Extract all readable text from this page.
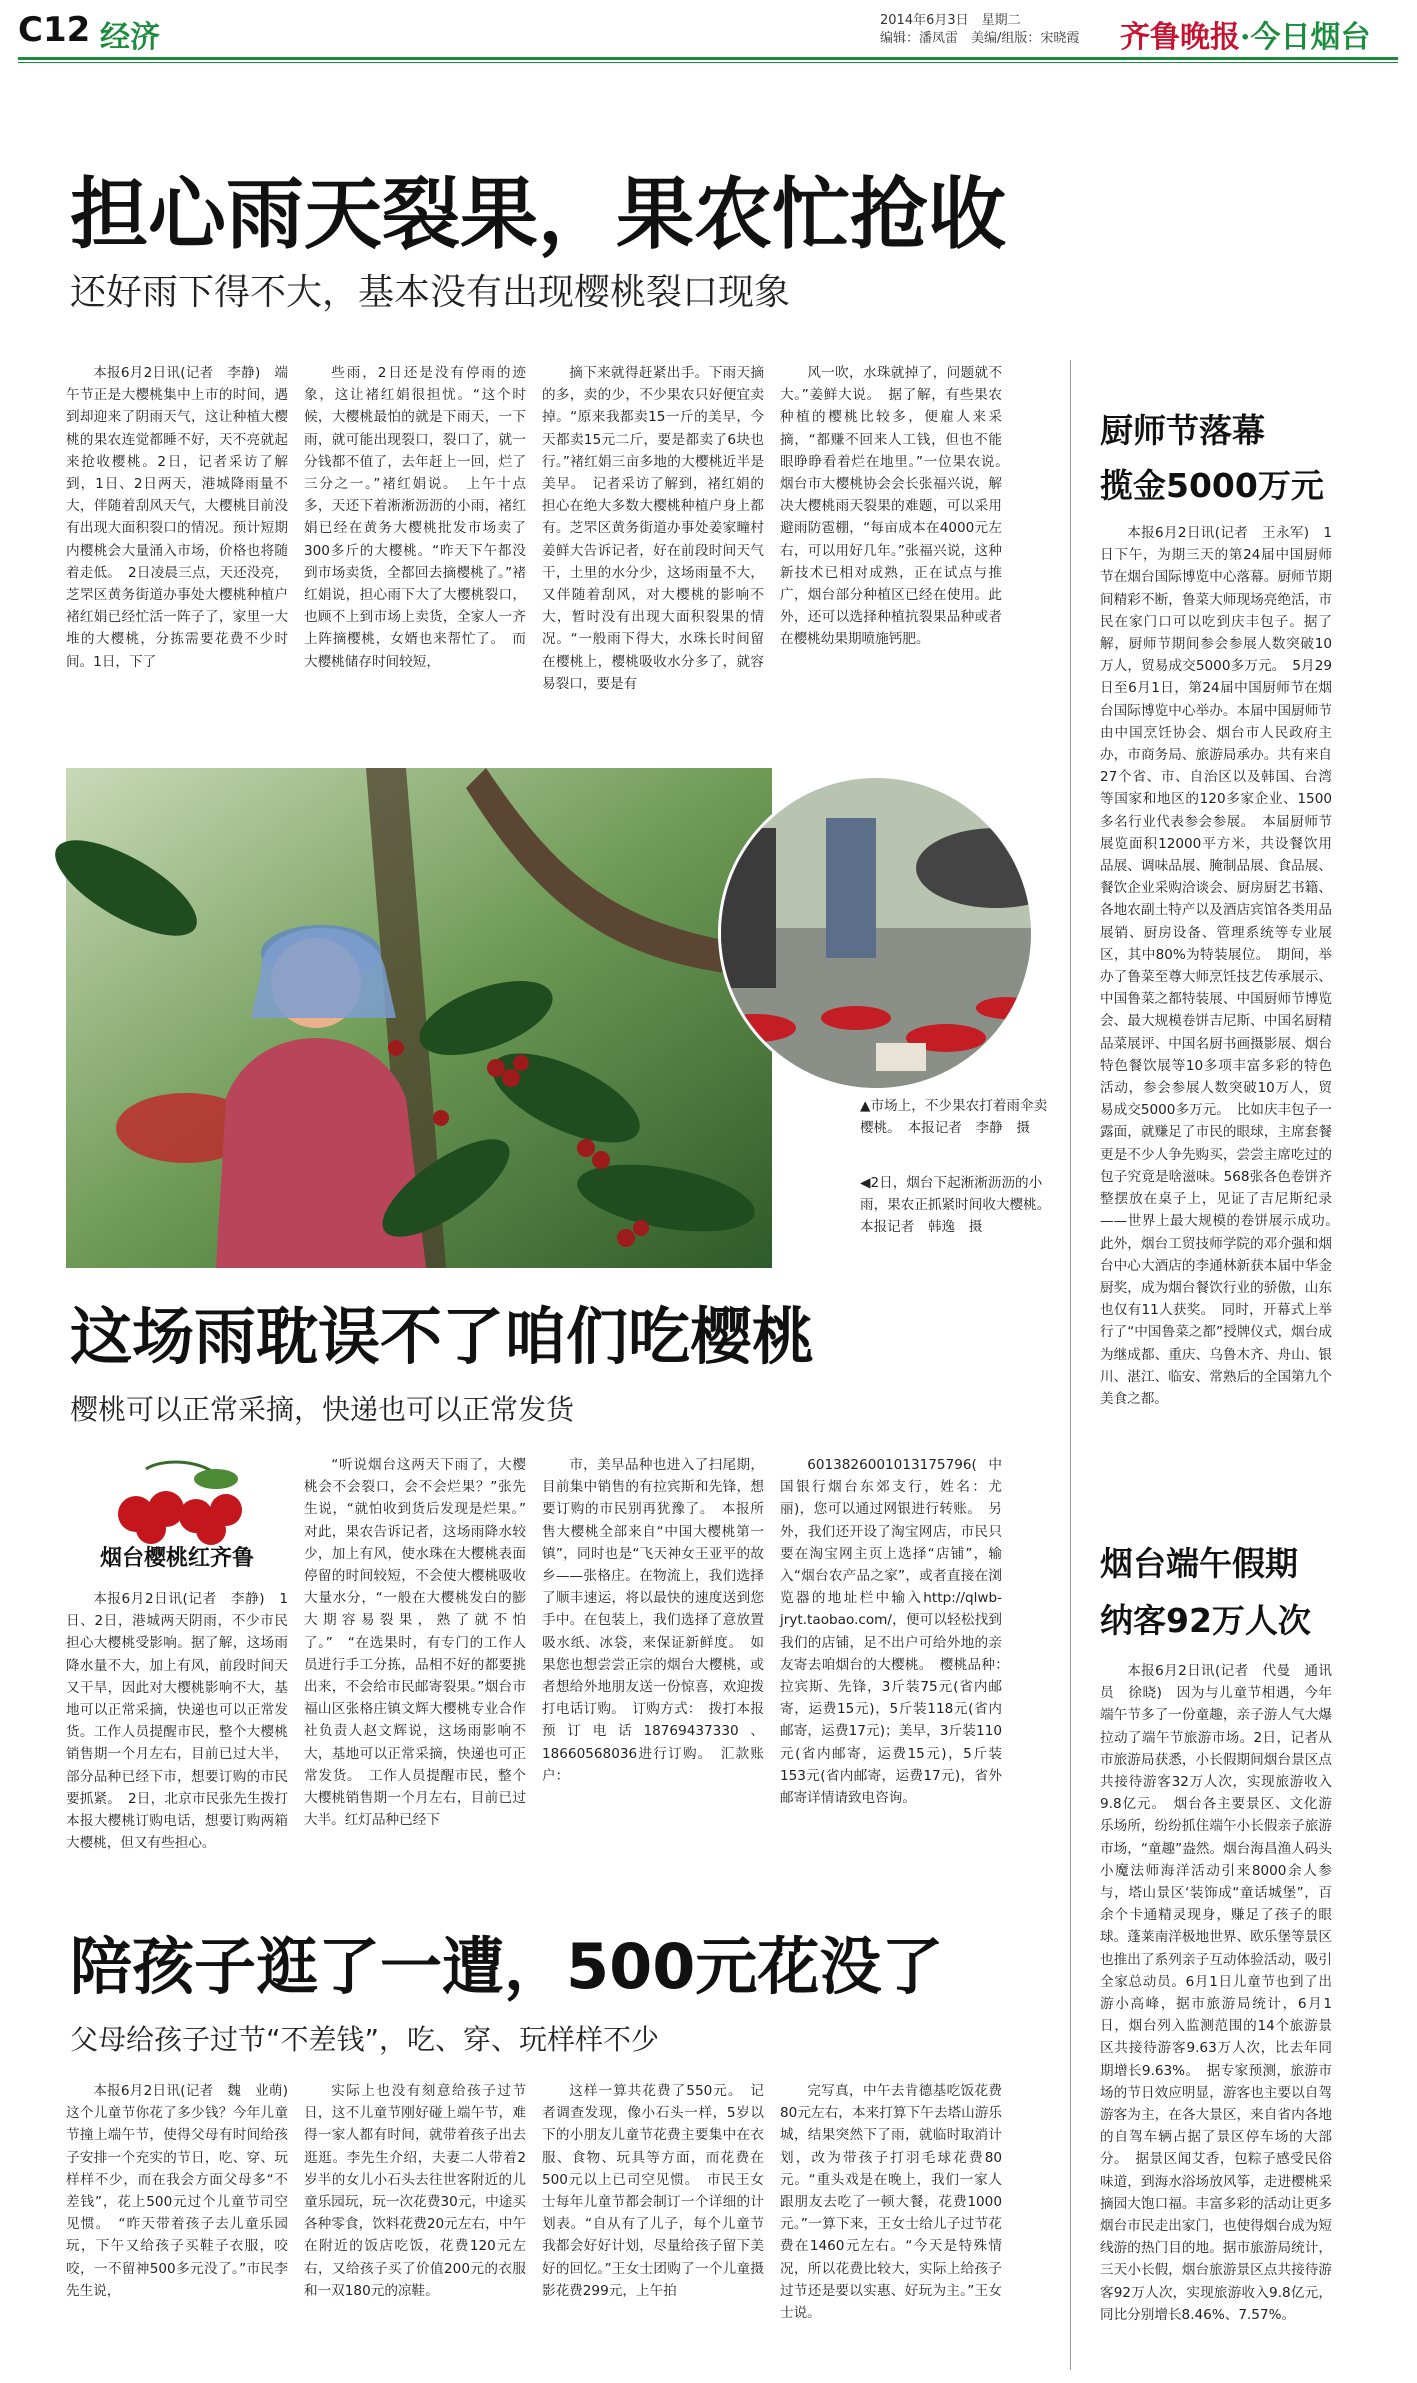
C12 经济	2014年6月3日　星期二
编辑：潘凤雷　美编/组版：宋晓霞 齐鲁晚报·今日烟台
担心雨天裂果，果农忙抢收
还好雨下得不大，基本没有出现樱桃裂口现象

本报6月2日讯(记者　李静)　端午节正是大樱桃集中上市的时间，遇到却迎来了阴雨天气，这让种植大樱桃的果农连觉都睡不好，天不亮就起来抢收樱桃。2日，记者采访了解到，1日、2日两天，港城降雨量不大，伴随着刮风天气，大樱桃目前没有出现大面积裂口的情况。预计短期内樱桃会大量涌入市场，价格也将随着走低。　2日凌晨三点，天还没亮，芝罘区黄务街道办事处大樱桃种植户褚红娟已经忙活一阵子了，家里一大堆的大樱桃，分拣需要花费不少时间。1日，下了

些雨，2日还是没有停雨的迹象，这让褚红娟很担忧。“这个时候，大樱桃最怕的就是下雨天，一下雨，就可能出现裂口，裂口了，就一分钱都不值了，去年赶上一回，烂了三分之一。”褚红娟说。　上午十点多，天还下着淅淅沥沥的小雨，褚红娟已经在黄务大樱桃批发市场卖了300多斤的大樱桃。“昨天下午都没到市场卖货，全都回去摘樱桃了。”褚红娟说，担心雨下大了大樱桃裂口，也顾不上到市场上卖货，全家人一齐上阵摘樱桃，女婿也来帮忙了。　而大樱桃储存时间较短，

摘下来就得赶紧出手。下雨天摘的多，卖的少，不少果农只好便宜卖掉。“原来我都卖15一斤的美早，今天都卖15元二斤，要是都卖了6块也行。”褚红娟三亩多地的大樱桃近半是美早。　记者采访了解到，褚红娟的担心在绝大多数大樱桃种植户身上都有。芝罘区黄务街道办事处姜家疃村姜鲜大告诉记者，好在前段时间天气干，土里的水分少，这场雨量不大，又伴随着刮风，对大樱桃的影响不大，暂时没有出现大面积裂果的情况。“一般雨下得大，水珠长时间留在樱桃上，樱桃吸收水分多了，就容易裂口，要是有

风一吹，水珠就掉了，问题就不大。”姜鲜大说。　据了解，有些果农种植的樱桃比较多，便雇人来采摘，“都赚不回来人工钱，但也不能眼睁睁看着烂在地里。”一位果农说。　烟台市大樱桃协会会长张福兴说，解决大樱桃雨天裂果的难题，可以采用避雨防雹棚，“每亩成本在4000元左右，可以用好几年。”张福兴说，这种新技术已相对成熟，正在试点与推广，烟台部分种植区已经在使用。此外，还可以选择种植抗裂果品种或者在樱桃幼果期喷施钙肥。

▲市场上，不少果农打着雨伞卖樱桃。　本报记者　李静　摄
◀2日，烟台下起淅淅沥沥的小雨，果农正抓紧时间收大樱桃。　本报记者　韩逸　摄
这场雨耽误不了咱们吃樱桃
樱桃可以正常采摘，快递也可以正常发货
烟台樱桃红齐鲁

本报6月2日讯(记者　李静)　1日、2日，港城两天阴雨，不少市民担心大樱桃受影响。据了解，这场雨降水量不大，加上有风，前段时间天又干旱，因此对大樱桃影响不大，基地可以正常采摘，快递也可以正常发货。工作人员提醒市民，整个大樱桃销售期一个月左右，目前已过大半，部分品种已经下市，想要订购的市民要抓紧。　2日，北京市民张先生拨打本报大樱桃订购电话，想要订购两箱大樱桃，但又有些担心。

“听说烟台这两天下雨了，大樱桃会不会裂口，会不会烂果？”张先生说，“就怕收到货后发现是烂果。”　对此，果农告诉记者，这场雨降水较少，加上有风，使水珠在大樱桃表面停留的时间较短，不会使大樱桃吸收大量水分，“一般在大樱桃发白的膨大期容易裂果，熟了就不怕了。”　“在选果时，有专门的工作人员进行手工分拣，品相不好的都要挑出来，不会给市民邮寄裂果。”烟台市福山区张格庄镇文辉大樱桃专业合作社负责人赵文辉说，这场雨影响不大，基地可以正常采摘，快递也可正常发货。　工作人员提醒市民，整个大樱桃销售期一个月左右，目前已过大半。红灯品种已经下

市，美早品种也进入了扫尾期，目前集中销售的有拉宾斯和先锋，想要订购的市民别再犹豫了。　本报所售大樱桃全部来自“中国大樱桃第一镇”，同时也是“飞天神女王亚平的故乡——张格庄。在物流上，我们选择了顺丰速运，将以最快的速度送到您手中。在包装上，我们选择了意放置吸水纸、冰袋，来保证新鲜度。　如果您也想尝尝正宗的烟台大樱桃，或者想给外地朋友送一份惊喜，欢迎拨打电话订购。　订购方式：　拨打本报预订电话18769437330、18660568036进行订购。　汇款账户：

6013826001013175796(中国银行烟台东郊支行，姓名：尤丽)，您可以通过网银进行转账。　另外，我们还开设了淘宝网店，市民只要在淘宝网主页上选择“店铺”，输入“烟台农产品之家”，或者直接在浏览器的地址栏中输入http://qlwb-jryt.taobao.com/，便可以轻松找到我们的店铺，足不出户可给外地的亲友寄去咱烟台的大樱桃。　樱桃品种：　拉宾斯、先锋，3斤装75元(省内邮寄，运费15元)，5斤装118元(省内邮寄，运费17元)；美早，3斤装110元(省内邮寄，运费15元)，5斤装153元(省内邮寄，运费17元)，省外邮寄详情请致电咨询。

陪孩子逛了一遭，500元花没了
父母给孩子过节“不差钱”，吃、穿、玩样样不少

本报6月2日讯(记者　魏　业萌)　这个儿童节你花了多少钱？今年儿童节撞上端午节，使得父母有时间给孩子安排一个充实的节日，吃、穿、玩样样不少，而在我会方面父母多“不差钱”，花上500元过个儿童节司空见惯。　“昨天带着孩子去儿童乐园玩，下午又给孩子买鞋子衣服，咬咬，一不留神500多元没了。”市民李先生说，

实际上也没有刻意给孩子过节日，这不儿童节刚好碰上端午节，难得一家人都有时间，就带着孩子出去逛逛。李先生介绍，夫妻二人带着2岁半的女儿小石头去往世客附近的儿童乐园玩，玩一次花费30元，中途买各种零食，饮料花费20元左右，中午在附近的饭店吃饭，花费120元左右，又给孩子买了价值200元的衣服和一双180元的凉鞋。

这样一算共花费了550元。　记者调查发现，像小石头一样，5岁以下的小朋友儿童节花费主要集中在衣服、食物、玩具等方面，而花费在500元以上已司空见惯。　市民王女士每年儿童节都会制订一个详细的计划表。“自从有了儿子，每个儿童节我都会好好计划，尽量给孩子留下美好的回忆。”王女士团购了一个儿童摄影花费299元，上午拍

完写真，中午去肯德基吃饭花费80元左右，本来打算下午去塔山游乐城，结果突然下了雨，就临时取消计划，改为带孩子打羽毛球花费80元。“重头戏是在晚上，我们一家人跟朋友去吃了一顿大餐，花费1000元。”一算下来，王女士给儿子过节花费在1460元左右。“今天是特殊情况，所以花费比较大，实际上给孩子过节还是要以实惠、好玩为主。”王女士说。

厨师节落幕
揽金5000万元

本报6月2日讯(记者　王永军)　1日下午，为期三天的第24届中国厨师节在烟台国际博览中心落幕。厨师节期间精彩不断，鲁菜大师现场亮绝活，市民在家门口可以吃到庆丰包子。据了解，厨师节期间参会参展人数突破10万人，贸易成交5000多万元。　5月29日至6月1日，第24届中国厨师节在烟台国际博览中心举办。本届中国厨师节由中国烹饪协会、烟台市人民政府主办，市商务局、旅游局承办。共有来自27个省、市、自治区以及韩国、台湾等国家和地区的120多家企业、1500多名行业代表参会参展。　本届厨师节展览面积12000平方米，共设餐饮用品展、调味品展、腌制品展、食品展、餐饮企业采购洽谈会、厨房厨艺书籍、各地农副土特产以及酒店宾馆各类用品展销、厨房设备、管理系统等专业展区，其中80%为特装展位。　期间，举办了鲁菜至尊大师烹饪技艺传承展示、中国鲁菜之都特装展、中国厨师节博览会、最大规模卷饼吉尼斯、中国名厨精品菜展评、中国名厨书画摄影展、烟台特色餐饮展等10多项丰富多彩的特色活动，参会参展人数突破10万人，贸易成交5000多万元。　比如庆丰包子一露面，就赚足了市民的眼球，主席套餐更是不少人争先购买，尝尝主席吃过的包子究竟是啥滋味。568张各色卷饼齐整摆放在桌子上，见证了吉尼斯纪录——世界上最大规模的卷饼展示成功。　此外，烟台工贸技师学院的邓介强和烟台中心大酒店的李通林新获本届中华金厨奖，成为烟台餐饮行业的骄傲，山东也仅有11人获奖。　同时，开幕式上举行了“中国鲁菜之都”授牌仪式，烟台成为继成都、重庆、乌鲁木齐、舟山、银川、湛江、临安、常熟后的全国第九个美食之都。

烟台端午假期
纳客92万人次

本报6月2日讯(记者　代曼　通讯员　徐晓)　因为与儿童节相遇，今年端午节多了一份童趣，亲子游人气大爆拉动了端午节旅游市场。2日，记者从市旅游局获悉，小长假期间烟台景区点共接待游客32万人次，实现旅游收入9.8亿元。　烟台各主要景区、文化游乐场所，纷纷抓住端午小长假亲子旅游市场，“童趣”盎然。烟台海昌渔人码头小魔法师海洋活动引来8000余人参与，塔山景区‘装饰成“童话城堡”，百余个卡通精灵现身，赚足了孩子的眼球。蓬莱南洋极地世界、欧乐堡等景区也推出了系列亲子互动体验活动，吸引全家总动员。6月1日儿童节也到了出游小高峰，据市旅游局统计，6月1日，烟台列入监测范围的14个旅游景区共接待游客9.63万人次，比去年同期增长9.63%。　据专家预测，旅游市场的节日效应明显，游客也主要以自驾游客为主，在各大景区，来自省内各地的自驾车辆占据了景区停车场的大部分。　据景区闻艾香，包粽子感受民俗味道，到海水浴场放风筝，走进樱桃采摘园大饱口福。丰富多彩的活动让更多烟台市民走出家门，也使得烟台成为短线游的热门目的地。据市旅游局统计，三天小长假，烟台旅游景区点共接待游客92万人次，实现旅游收入9.8亿元，同比分别增长8.46%、7.57%。
